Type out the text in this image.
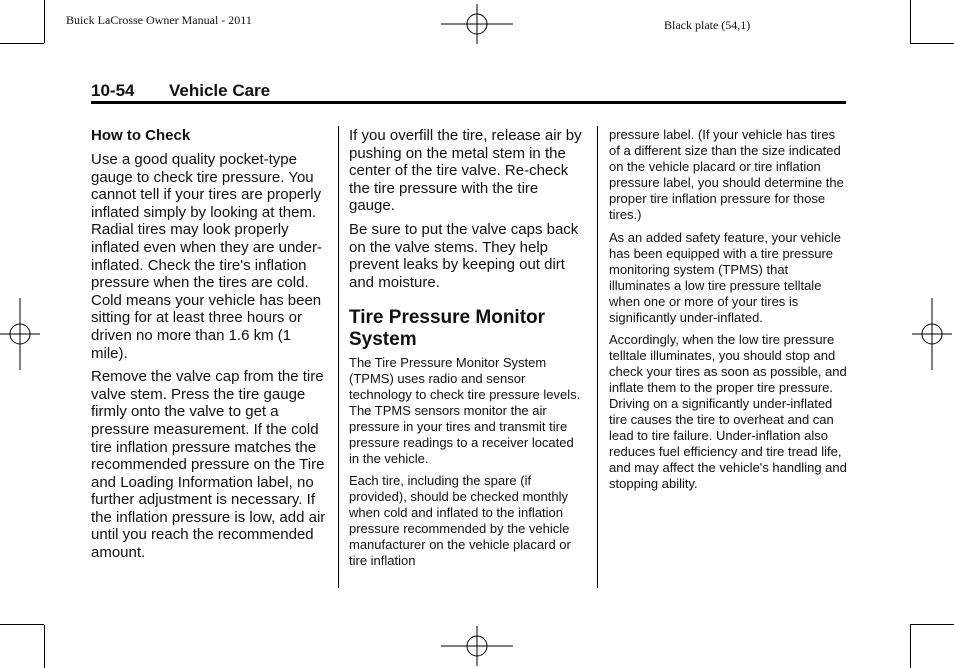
Buick LaCrosse Owner Manual - 2011	Black plate (54,1)
10-54 Vehicle Care

How to Check

Use a good quality pocket-type gauge to check tire pressure. You cannot tell if your tires are properly inflated simply by looking at them. Radial tires may look properly inflated even when they are under-inflated. Check the tire's inflation pressure when the tires are cold. Cold means your vehicle has been sitting for at least three hours or driven no more than 1.6 km (1 mile).

Remove the valve cap from the tire valve stem. Press the tire gauge firmly onto the valve to get a pressure measurement. If the cold tire inflation pressure matches the recommended pressure on the Tire and Loading Information label, no further adjustment is necessary. If the inflation pressure is low, add air until you reach the recommended amount.

If you overfill the tire, release air by pushing on the metal stem in the center of the tire valve. Re-check the tire pressure with the tire gauge.

Be sure to put the valve caps back on the valve stems. They help prevent leaks by keeping out dirt and moisture.

Tire Pressure Monitor System

The Tire Pressure Monitor System (TPMS) uses radio and sensor technology to check tire pressure levels. The TPMS sensors monitor the air pressure in your tires and transmit tire pressure readings to a receiver located in the vehicle.

Each tire, including the spare (if provided), should be checked monthly when cold and inflated to the inflation pressure recommended by the vehicle manufacturer on the vehicle placard or tire inflation

pressure label. (If your vehicle has tires of a different size than the size indicated on the vehicle placard or tire inflation pressure label, you should determine the proper tire inflation pressure for those tires.)

As an added safety feature, your vehicle has been equipped with a tire pressure monitoring system (TPMS) that illuminates a low tire pressure telltale when one or more of your tires is significantly under-inflated.

Accordingly, when the low tire pressure telltale illuminates, you should stop and check your tires as soon as possible, and inflate them to the proper tire pressure. Driving on a significantly under-inflated tire causes the tire to overheat and can lead to tire failure. Under-inflation also reduces fuel efficiency and tire tread life, and may affect the vehicle's handling and stopping ability.
